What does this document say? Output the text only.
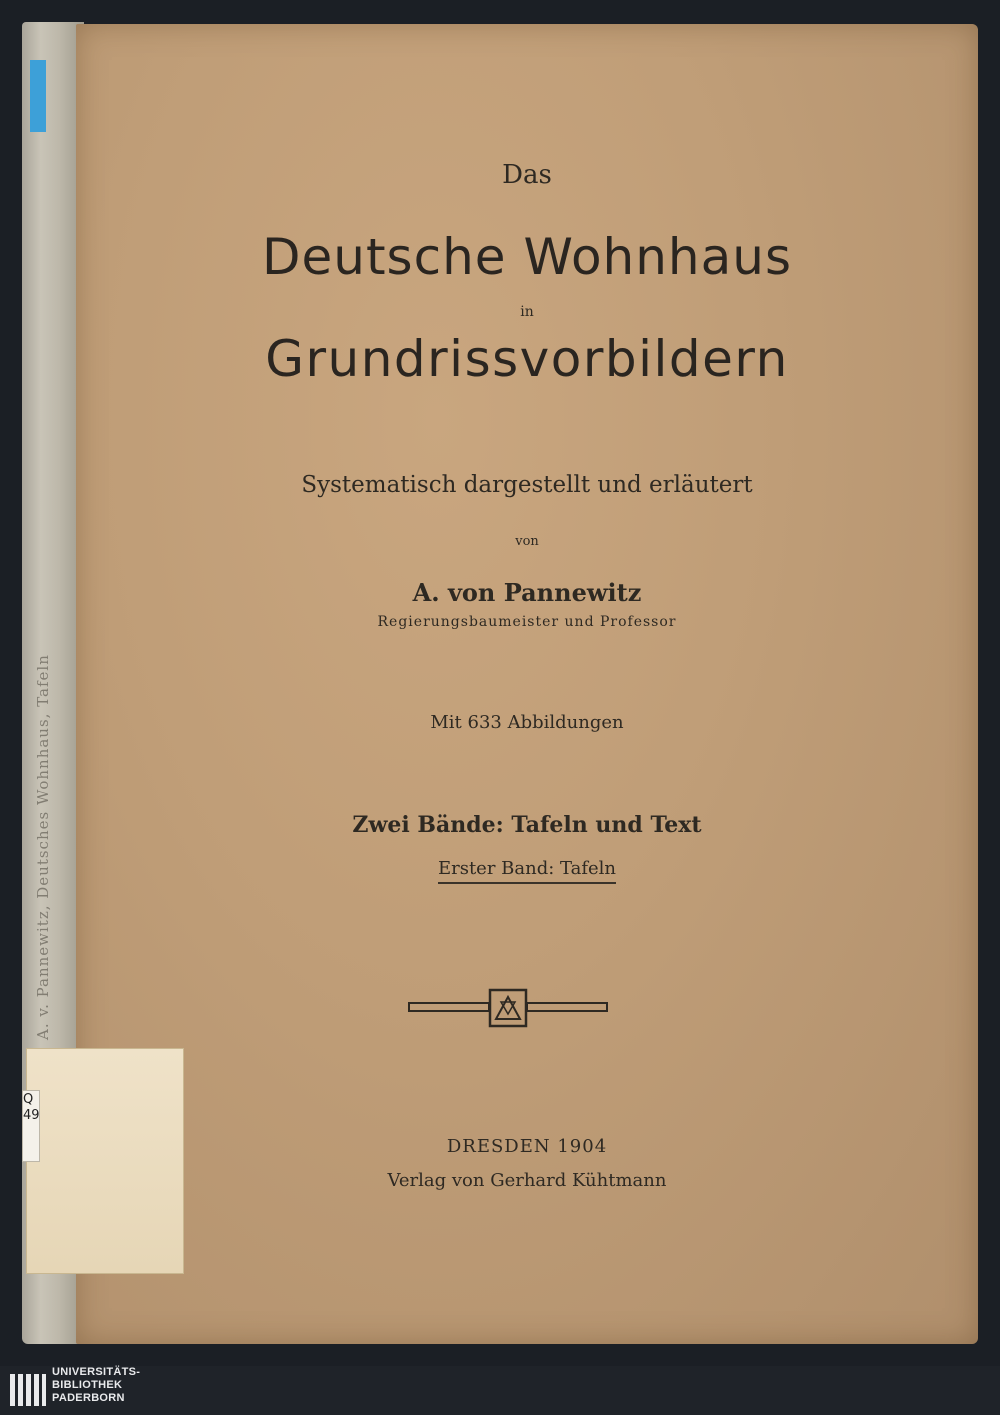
A. v. Pannewitz, Deutsches Wohnhaus, Tafeln
Q
49
Das
Deutsche Wohnhaus
in
Grundrissvorbildern
Systematisch dargestellt und erläutert
von
A. von Pannewitz
Regierungsbaumeister und Professor
Mit 633 Abbildungen
Zwei Bände: Tafeln und Text
Erster Band: Tafeln
DRESDEN 1904
Verlag von Gerhard Kühtmann
UNIVERSITÄTS-
BIBLIOTHEK
PADERBORN
